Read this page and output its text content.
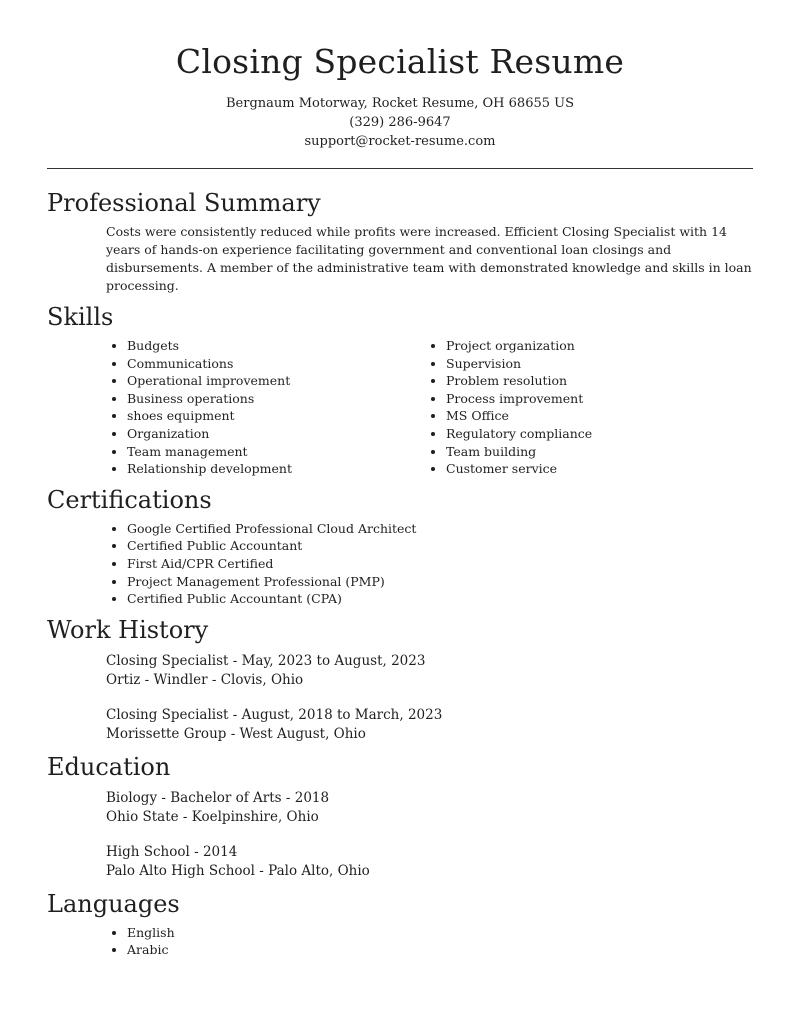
Closing Specialist Resume
Bergnaum Motorway, Rocket Resume, OH 68655 US
(329) 286-9647
support@rocket-resume.com
Professional Summary

Costs were consistently reduced while profits were increased. Efficient Closing Specialist with 14 years of hands-on experience facilitating government and conventional loan closings and disbursements. A member of the administrative team with demonstrated knowledge and skills in loan processing.

Skills
• Budgets
• Communications
• Operational improvement
• Business operations
• shoes equipment
• Organization
• Team management
• Relationship development
• Project organization
• Supervision
• Problem resolution
• Process improvement
• MS Office
• Regulatory compliance
• Team building
• Customer service
Certifications
• Google Certified Professional Cloud Architect
• Certified Public Accountant
• First Aid/CPR Certified
• Project Management Professional (PMP)
• Certified Public Accountant (CPA)
Work History
Closing Specialist - May, 2023 to August, 2023
Ortiz - Windler - Clovis, Ohio
Closing Specialist - August, 2018 to March, 2023
Morissette Group - West August, Ohio
Education
Biology - Bachelor of Arts - 2018
Ohio State - Koelpinshire, Ohio
High School - 2014
Palo Alto High School - Palo Alto, Ohio
Languages
• English
• Arabic
